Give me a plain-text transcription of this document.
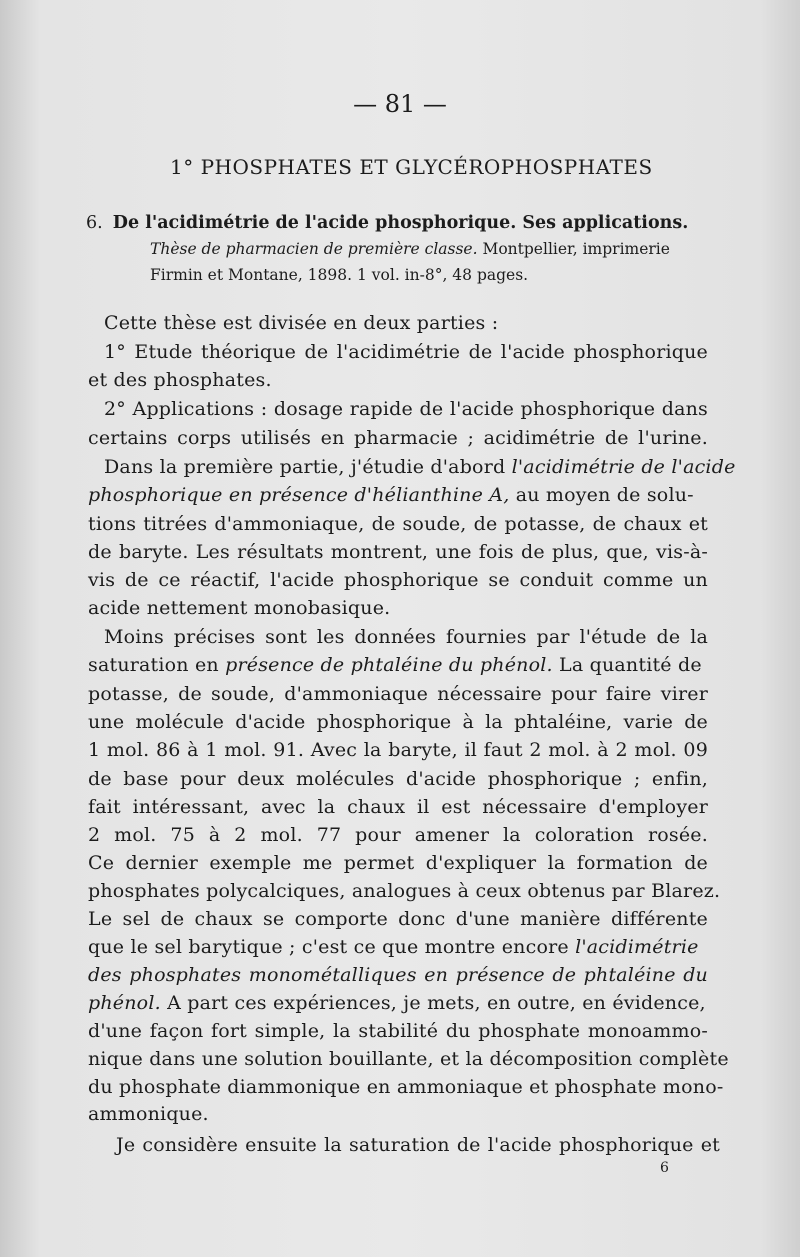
— 81 —
1° PHOSPHATES ET GLYCÉROPHOSPHATES
6. De l'acidimétrie de l'acide phosphorique. Ses applications.
Thèse de pharmacien de première classe. Montpellier, imprimerie
Firmin et Montane, 1898. 1 vol. in-8°, 48 pages.
Cette thèse est divisée en deux parties :
1° Etude théorique de l'acidimétrie de l'acide phosphorique
et des phosphates.
2° Applications : dosage rapide de l'acide phosphorique dans
certains corps utilisés en pharmacie ; acidimétrie de l'urine.
Dans la première partie, j'étudie d'abord l'acidimétrie de l'acide
phosphorique en présence d'hélianthine A, au moyen de solu-
tions titrées d'ammoniaque, de soude, de potasse, de chaux et
de baryte. Les résultats montrent, une fois de plus, que, vis-à-
vis de ce réactif, l'acide phosphorique se conduit comme un
acide nettement monobasique.
Moins précises sont les données fournies par l'étude de la
saturation en présence de phtaléine du phénol. La quantité de
potasse, de soude, d'ammoniaque nécessaire pour faire virer
une molécule d'acide phosphorique à la phtaléine, varie de
1 mol. 86 à 1 mol. 91. Avec la baryte, il faut 2 mol. à 2 mol. 09
de base pour deux molécules d'acide phosphorique ; enfin,
fait intéressant, avec la chaux il est nécessaire d'employer
2 mol. 75 à 2 mol. 77 pour amener la coloration rosée.
Ce dernier exemple me permet d'expliquer la formation de
phosphates polycalciques, analogues à ceux obtenus par Blarez.
Le sel de chaux se comporte donc d'une manière différente
que le sel barytique ; c'est ce que montre encore l'acidimétrie
des phosphates monométalliques en présence de phtaléine du
phénol. A part ces expériences, je mets, en outre, en évidence,
d'une façon fort simple, la stabilité du phosphate monoammo-
nique dans une solution bouillante, et la décomposition complète
du phosphate diammonique en ammoniaque et phosphate mono-
ammonique.
Je considère ensuite la saturation de l'acide phosphorique et
6
